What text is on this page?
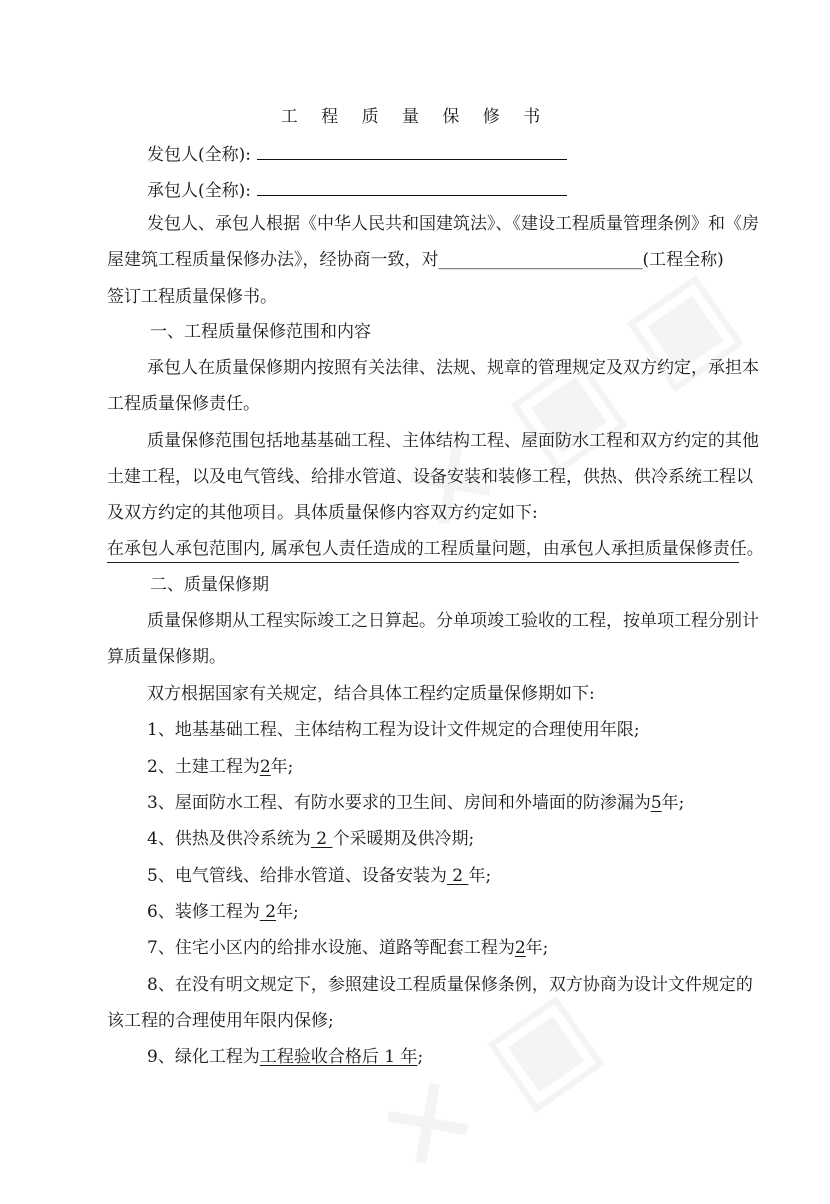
工 程 质 量 保 修 书
发包人(全称):
承包人(全称):
发包人、承包人根据《中华人民共和国建筑法》、《建设工程质量管理条例》和《房
屋建筑工程质量保修办法》，经协商一致，对________________________(工程全称)
签订工程质量保修书。
一、工程质量保修范围和内容
承包人在质量保修期内按照有关法律、法规、规章的管理规定及双方约定，承担本
工程质量保修责任。
质量保修范围包括地基基础工程、主体结构工程、屋面防水工程和双方约定的其他
土建工程，以及电气管线、给排水管道、设备安装和装修工程，供热、供冷系统工程以
及双方约定的其他项目。具体质量保修内容双方约定如下:
在承包人承包范围内, 属承包人责任造成的工程质量问题，由承包人承担质量保修责任。
二、质量保修期
质量保修期从工程实际竣工之日算起。分单项竣工验收的工程，按单项工程分别计
算质量保修期。
双方根据国家有关规定，结合具体工程约定质量保修期如下:
1、地基基础工程、主体结构工程为设计文件规定的合理使用年限;
2、土建工程为2年;
3、屋面防水工程、有防水要求的卫生间、房间和外墙面的防渗漏为5年;
4、供热及供冷系统为 2 个采暖期及供冷期;
5、电气管线、给排水管道、设备安装为 2 年;
6、装修工程为 2年;
7、住宅小区内的给排水设施、道路等配套工程为2年;
8、在没有明文规定下，参照建设工程质量保修条例，双方协商为设计文件规定的
该工程的合理使用年限内保修;
9、绿化工程为工程验收合格后 1 年;
